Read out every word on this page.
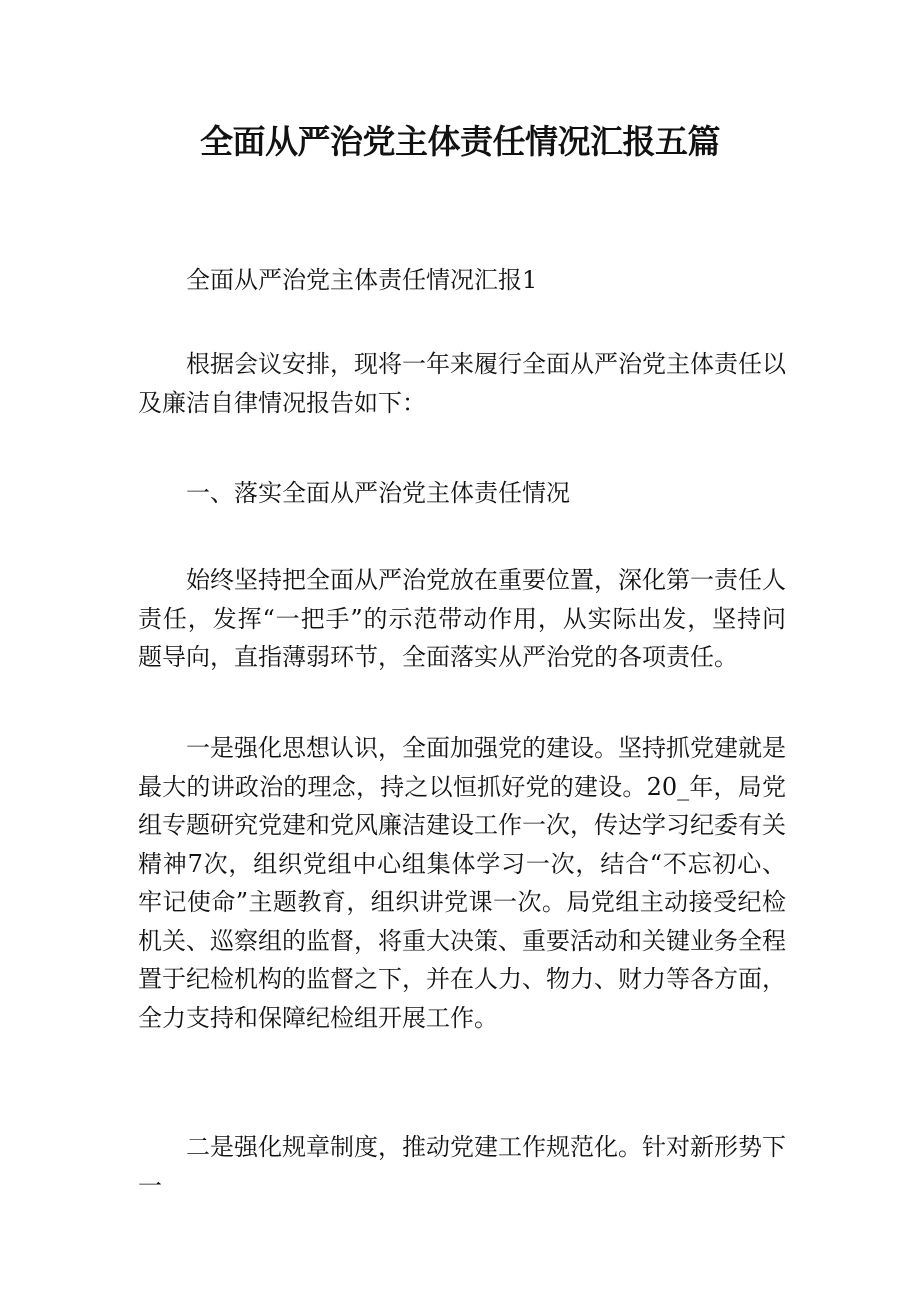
全面从严治党主体责任情况汇报五篇

全面从严治党主体责任情况汇报1

根据会议安排，现将一年来履行全面从严治党主体责任以及廉洁自律情况报告如下：

一、落实全面从严治党主体责任情况

始终坚持把全面从严治党放在重要位置，深化第一责任人责任，发挥“一把手”的示范带动作用，从实际出发，坚持问题导向，直指薄弱环节，全面落实从严治党的各项责任。

一是强化思想认识，全面加强党的建设。坚持抓党建就是最大的讲政治的理念，持之以恒抓好党的建设。20_年，局党组专题研究党建和党风廉洁建设工作一次，传达学习纪委有关精神7次，组织党组中心组集体学习一次，结合“不忘初心、牢记使命”主题教育，组织讲党课一次。局党组主动接受纪检机关、巡察组的监督，将重大决策、重要活动和关键业务全程置于纪检机构的监督之下，并在人力、物力、财力等各方面，全力支持和保障纪检组开展工作。

二是强化规章制度，推动党建工作规范化。针对新形势下一
